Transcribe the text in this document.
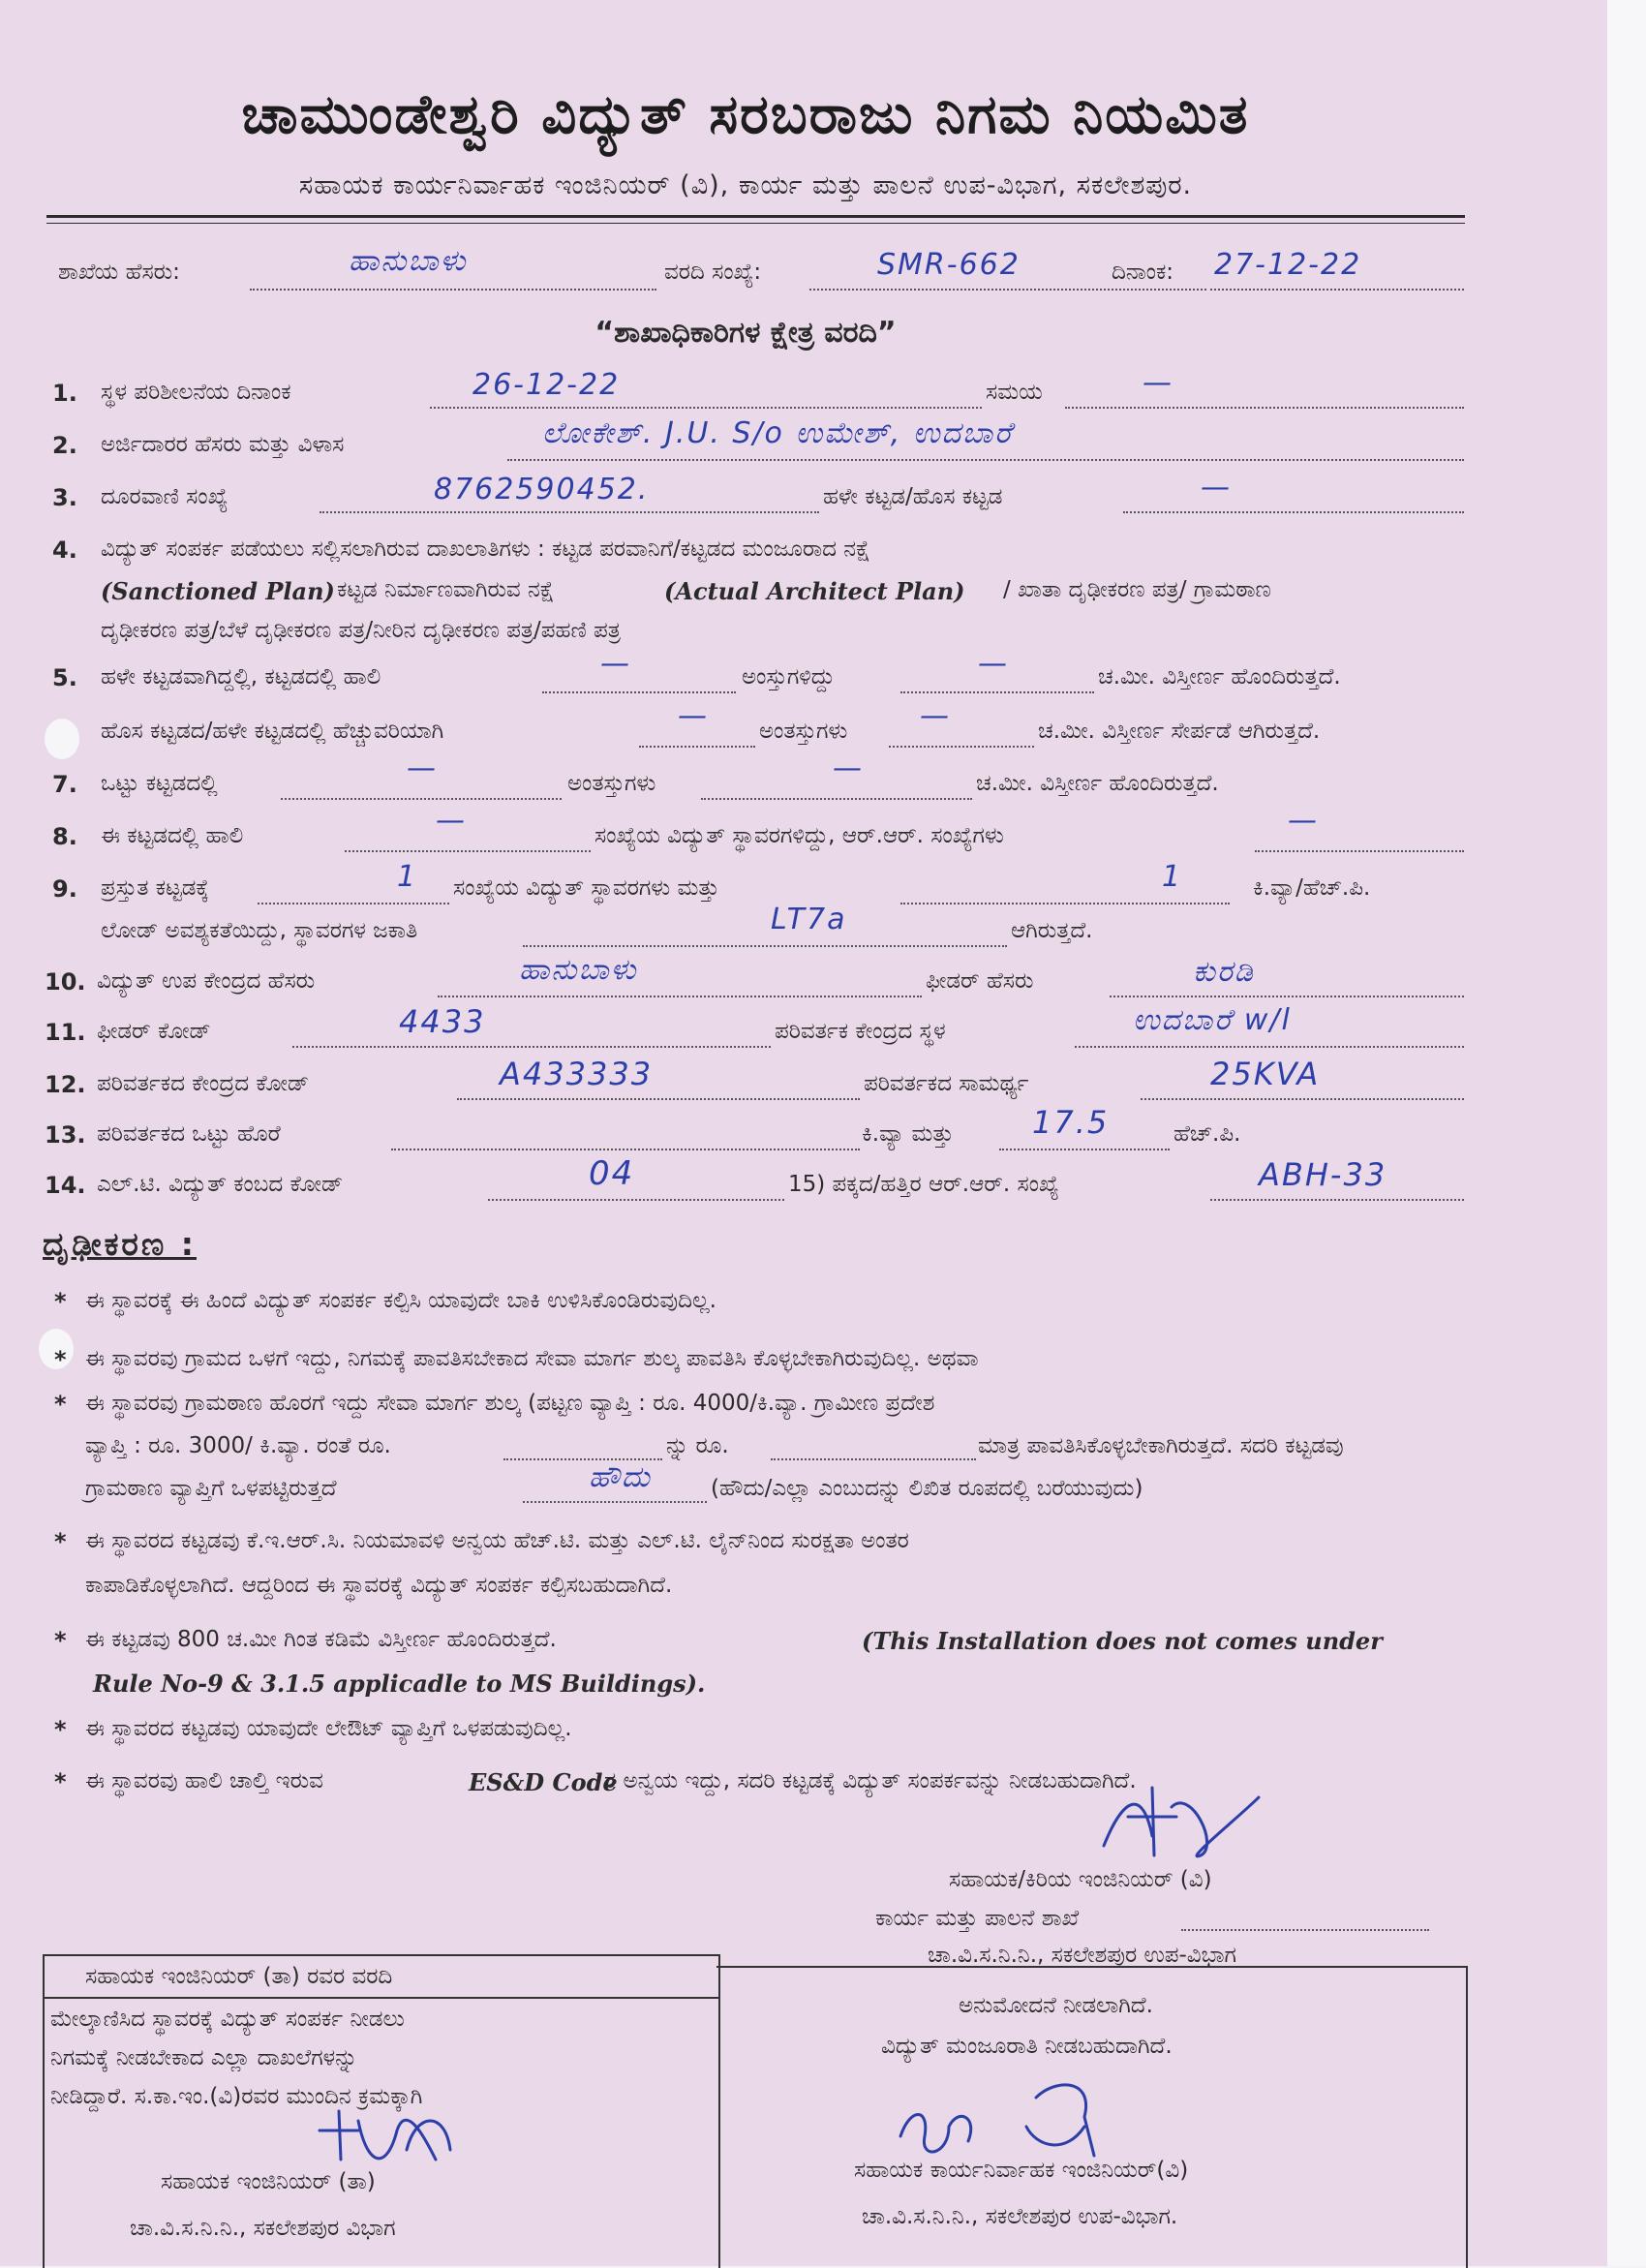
ಚಾಮುಂಡೇಶ್ವರಿ ವಿದ್ಯುತ್ ಸರಬರಾಜು ನಿಗಮ ನಿಯಮಿತ
ಸಹಾಯಕ ಕಾರ್ಯನಿರ್ವಾಹಕ ಇಂಜಿನಿಯರ್ (ವಿ), ಕಾರ್ಯ ಮತ್ತು ಪಾಲನೆ ಉಪ-ವಿಭಾಗ, ಸಕಲೇಶಪುರ.
ಶಾಖೆಯ ಹೆಸರು:	ಹಾನುಬಾಳು	ವರದಿ ಸಂಖ್ಯೆ:	SMR-662	ದಿನಾಂಕ: 27-12-22
“ಶಾಖಾಧಿಕಾರಿಗಳ ಕ್ಷೇತ್ರ ವರದಿ”
1. ಸ್ಥಳ ಪರಿಶೀಲನೆಯ ದಿನಾಂಕ	26-12-22	ಸಮಯ	—
2. ಅರ್ಜಿದಾರರ ಹೆಸರು ಮತ್ತು ವಿಳಾಸ	ಲೋಕೇಶ್. J.U. S/o ಉಮೇಶ್, ಉದಬಾರೆ
3. ದೂರವಾಣಿ ಸಂಖ್ಯೆ	8762590452.	ಹಳೇ ಕಟ್ಟಡ/ಹೊಸ ಕಟ್ಟಡ	—
4. ವಿದ್ಯುತ್ ಸಂಪರ್ಕ ಪಡೆಯಲು ಸಲ್ಲಿಸಲಾಗಿರುವ ದಾಖಲಾತಿಗಳು : ಕಟ್ಟಡ ಪರವಾನಿಗೆ/ಕಟ್ಟಡದ ಮಂಜೂರಾದ ನಕ್ಷೆ
(Sanctioned Plan) ಕಟ್ಟಡ ನಿರ್ಮಾಣವಾಗಿರುವ ನಕ್ಷೆ	(Actual Architect Plan) / ಖಾತಾ ದೃಢೀಕರಣ ಪತ್ರ/ ಗ್ರಾಮಠಾಣ
ದೃಢೀಕರಣ ಪತ್ರ/ಬೆಳೆ ದೃಢೀಕರಣ ಪತ್ರ/ನೀರಿನ ದೃಢೀಕರಣ ಪತ್ರ/ಪಹಣಿ ಪತ್ರ
5. ಹಳೇ ಕಟ್ಟಡವಾಗಿದ್ದಲ್ಲಿ, ಕಟ್ಟಡದಲ್ಲಿ ಹಾಲಿ	—	ಅಂಸ್ತುಗಳಿದ್ದು	—	ಚ.ಮೀ. ವಿಸ್ತೀರ್ಣ ಹೊಂದಿರುತ್ತದೆ.
ಹೊಸ ಕಟ್ಟಡದ/ಹಳೇ ಕಟ್ಟಡದಲ್ಲಿ ಹೆಚ್ಚುವರಿಯಾಗಿ	— ಅಂತಸ್ತುಗಳು —	ಚ.ಮೀ. ವಿಸ್ತೀರ್ಣ ಸೇರ್ಪಡೆ ಆಗಿರುತ್ತದೆ.
7. ಒಟ್ಟು ಕಟ್ಟಡದಲ್ಲಿ	—	ಅಂತಸ್ತುಗಳು	—	ಚ.ಮೀ. ವಿಸ್ತೀರ್ಣ ಹೊಂದಿರುತ್ತದೆ.
8. ಈ ಕಟ್ಟಡದಲ್ಲಿ ಹಾಲಿ	—	ಸಂಖ್ಯೆಯ ವಿದ್ಯುತ್ ಸ್ಥಾವರಗಳಿದ್ದು, ಆರ್.ಆರ್. ಸಂಖ್ಯೆಗಳು	—
9. ಪ್ರಸ್ತುತ ಕಟ್ಟಡಕ್ಕೆ	1 ಸಂಖ್ಯೆಯ ವಿದ್ಯುತ್ ಸ್ಥಾವರಗಳು ಮತ್ತು	1	ಕಿ.ವ್ಯಾ/ಹೆಚ್.ಪಿ.
ಲೋಡ್ ಅವಶ್ಯಕತೆಯಿದ್ದು, ಸ್ಥಾವರಗಳ ಜಕಾತಿ	LT7a	ಆಗಿರುತ್ತದೆ.
10. ವಿದ್ಯುತ್ ಉಪ ಕೇಂದ್ರದ ಹೆಸರು	ಹಾನುಬಾಳು	ಫೀಡರ್ ಹೆಸರು	ಕುರಡಿ
11. ಫೀಡರ್ ಕೋಡ್	4433	ಪರಿವರ್ತಕ ಕೇಂದ್ರದ ಸ್ಥಳ	ಉದಬಾರೆ w/l
12. ಪರಿವರ್ತಕದ ಕೇಂದ್ರದ ಕೋಡ್	A433333	ಪರಿವರ್ತಕದ ಸಾಮರ್ಥ್ಯ	25KVA
13. ಪರಿವರ್ತಕದ ಒಟ್ಟು ಹೊರೆ	ಕಿ.ವ್ಯಾ ಮತ್ತು	17.5	ಹೆಚ್.ಪಿ.
14. ಎಲ್.ಟಿ. ವಿದ್ಯುತ್ ಕಂಬದ ಕೋಡ್	04	15) ಪಕ್ಕದ/ಹತ್ತಿರ ಆರ್.ಆರ್. ಸಂಖ್ಯೆ	ABH-33
ದೃಢೀಕರಣ :
* ಈ ಸ್ಥಾವರಕ್ಕೆ ಈ ಹಿಂದೆ ವಿದ್ಯುತ್ ಸಂಪರ್ಕ ಕಲ್ಪಿಸಿ ಯಾವುದೇ ಬಾಕಿ ಉಳಿಸಿಕೊಂಡಿರುವುದಿಲ್ಲ.
* ಈ ಸ್ಥಾವರವು ಗ್ರಾಮದ ಒಳಗೆ ಇದ್ದು, ನಿಗಮಕ್ಕೆ ಪಾವತಿಸಬೇಕಾದ ಸೇವಾ ಮಾರ್ಗ ಶುಲ್ಕ ಪಾವತಿಸಿ ಕೊಳ್ಳಬೇಕಾಗಿರುವುದಿಲ್ಲ. ಅಥವಾ
* ಈ ಸ್ಥಾವರವು ಗ್ರಾಮಠಾಣ ಹೊರಗೆ ಇದ್ದು ಸೇವಾ ಮಾರ್ಗ ಶುಲ್ಕ (ಪಟ್ಟಣ ವ್ಯಾಪ್ತಿ : ರೂ. 4000/ಕಿ.ವ್ಯಾ. ಗ್ರಾಮೀಣ ಪ್ರದೇಶ
ವ್ಯಾಪ್ತಿ : ರೂ. 3000/ ಕಿ.ವ್ಯಾ. ರಂತೆ ರೂ.	ನ್ನು ರೂ.	ಮಾತ್ರ ಪಾವತಿಸಿಕೊಳ್ಳಬೇಕಾಗಿರುತ್ತದೆ. ಸದರಿ ಕಟ್ಟಡವು
ಗ್ರಾಮಠಾಣ ವ್ಯಾಪ್ತಿಗೆ ಒಳಪಟ್ಟಿರುತ್ತದೆ	ಹೌದು	(ಹೌದು/ಎಲ್ಲಾ ಎಂಬುದನ್ನು ಲಿಖಿತ ರೂಪದಲ್ಲಿ ಬರೆಯುವುದು)
* ಈ ಸ್ಥಾವರದ ಕಟ್ಟಡವು ಕೆ.ಇ.ಆರ್.ಸಿ. ನಿಯಮಾವಳಿ ಅನ್ವಯ ಹೆಚ್.ಟಿ. ಮತ್ತು ಎಲ್.ಟಿ. ಲೈನ್‌ನಿಂದ ಸುರಕ್ಷತಾ ಅಂತರ
ಕಾಪಾಡಿಕೊಳ್ಳಲಾಗಿದೆ. ಆದ್ದರಿಂದ ಈ ಸ್ಥಾವರಕ್ಕೆ ವಿದ್ಯುತ್ ಸಂಪರ್ಕ ಕಲ್ಪಿಸಬಹುದಾಗಿದೆ.
* ಈ ಕಟ್ಟಡವು 800 ಚ.ಮೀ ಗಿಂತ ಕಡಿಮೆ ವಿಸ್ತೀರ್ಣ ಹೊಂದಿರುತ್ತದೆ.	(This Installation does not comes under
Rule No-9 & 3.1.5 applicadle to MS Buildings).
* ಈ ಸ್ಥಾವರದ ಕಟ್ಟಡವು ಯಾವುದೇ ಲೇಔಟ್ ವ್ಯಾಪ್ತಿಗೆ ಒಳಪಡುವುದಿಲ್ಲ.
* ಈ ಸ್ಥಾವರವು ಹಾಲಿ ಚಾಲ್ತಿ ಇರುವ	ES&D Code
ರ ಅನ್ವಯ ಇದ್ದು, ಸದರಿ ಕಟ್ಟಡಕ್ಕೆ ವಿದ್ಯುತ್ ಸಂಪರ್ಕವನ್ನು ನೀಡಬಹುದಾಗಿದೆ.
ಸಹಾಯಕ/ಕಿರಿಯ ಇಂಜಿನಿಯರ್ (ವಿ)
ಕಾರ್ಯ ಮತ್ತು ಪಾಲನೆ ಶಾಖೆ
ಚಾ.ವಿ.ಸ.ನಿ.ನಿ., ಸಕಲೇಶಪುರ ಉಪ-ವಿಭಾಗ
ಸಹಾಯಕ ಇಂಜಿನಿಯರ್ (ತಾ) ರವರ ವರದಿ
ಮೇಲ್ಕಾಣಿಸಿದ ಸ್ಥಾವರಕ್ಕೆ ವಿದ್ಯುತ್ ಸಂಪರ್ಕ ನೀಡಲು
ನಿಗಮಕ್ಕೆ ನೀಡಬೇಕಾದ ಎಲ್ಲಾ ದಾಖಲೆಗಳನ್ನು
ನೀಡಿದ್ದಾರೆ. ಸ.ಕಾ.ಇಂ.(ವಿ)ರವರ ಮುಂದಿನ ಕ್ರಮಕ್ಕಾಗಿ
ಸಹಾಯಕ ಇಂಜಿನಿಯರ್ (ತಾ)
ಚಾ.ವಿ.ಸ.ನಿ.ನಿ., ಸಕಲೇಶಪುರ ವಿಭಾಗ
ಅನುಮೋದನೆ ನೀಡಲಾಗಿದೆ.
ವಿದ್ಯುತ್ ಮಂಜೂರಾತಿ ನೀಡಬಹುದಾಗಿದೆ.
ಸಹಾಯಕ ಕಾರ್ಯನಿರ್ವಾಹಕ ಇಂಜಿನಿಯರ್(ವಿ)
ಚಾ.ವಿ.ಸ.ನಿ.ನಿ., ಸಕಲೇಶಪುರ ಉಪ-ವಿಭಾಗ.
